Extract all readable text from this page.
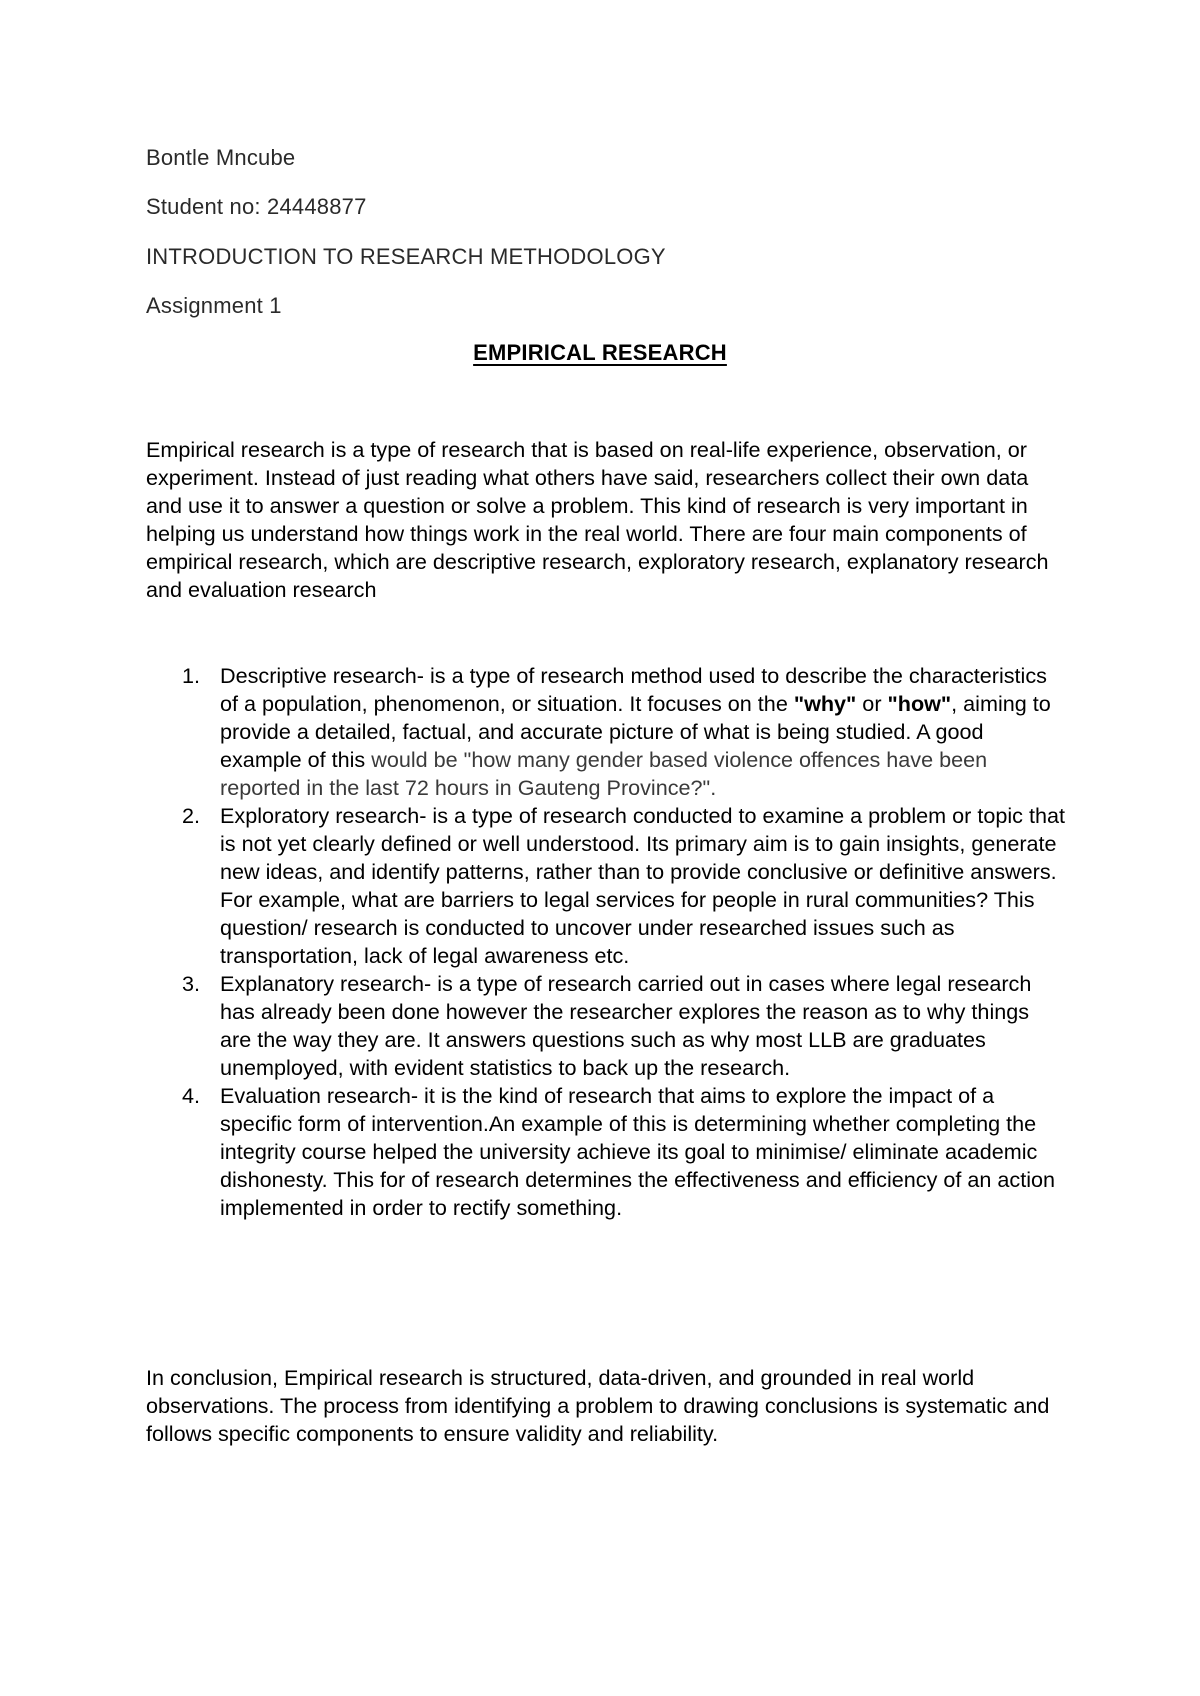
Bontle Mncube
Student no: 24448877
INTRODUCTION TO RESEARCH METHODOLOGY
Assignment 1
EMPIRICAL RESEARCH

Empirical research is a type of research that is based on real-life experience, observation, or experiment. Instead of just reading what others have said, researchers collect their own data and use it to answer a question or solve a problem. This kind of research is very important in helping us understand how things work in the real world. There are four main components of empirical research, which are descriptive research, exploratory research, explanatory research and evaluation research

1. Descriptive research- is a type of research method used to describe the characteristics of a population, phenomenon, or situation. It focuses on the "why" or "how", aiming to provide a detailed, factual, and accurate picture of what is being studied. A good example of this would be "how many gender based violence offences have been reported in the last 72 hours in Gauteng Province?".
2. Exploratory research- is a type of research conducted to examine a problem or topic that is not yet clearly defined or well understood. Its primary aim is to gain insights, generate new ideas, and identify patterns, rather than to provide conclusive or definitive answers. For example, what are barriers to legal services for people in rural communities? This question/ research is conducted to uncover under researched issues such as transportation, lack of legal awareness etc.
3. Explanatory research- is a type of research carried out in cases where legal research has already been done however the researcher explores the reason as to why things are the way they are. It answers questions such as why most LLB are graduates unemployed, with evident statistics to back up the research.
4. Evaluation research- it is the kind of research that aims to explore the impact of a specific form of intervention.An example of this is determining whether completing the integrity course helped the university achieve its goal to minimise/ eliminate academic dishonesty. This for of research determines the effectiveness and efficiency of an action implemented in order to rectify something.

In conclusion, Empirical research is structured, data-driven, and grounded in real world observations. The process from identifying a problem to drawing conclusions is systematic and follows specific components to ensure validity and reliability.
